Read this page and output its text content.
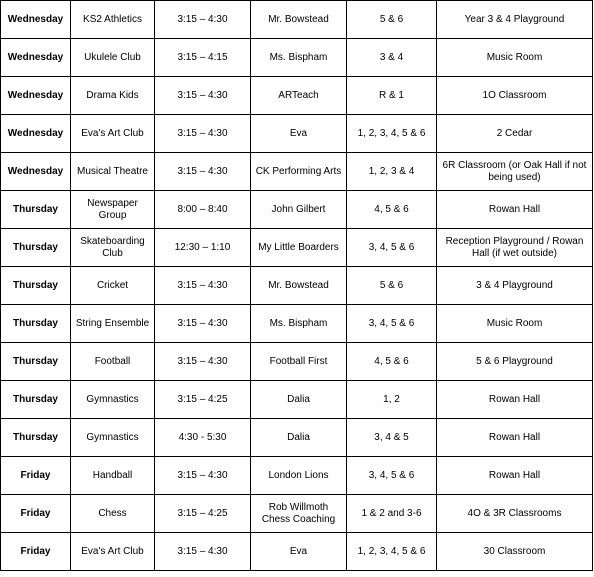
Wednesday	KS2 Athletics	3:15 – 4:30	Mr. Bowstead	5 & 6	Year 3 & 4 Playground
Wednesday	Ukulele Club	3:15 – 4:15	Ms. Bispham	3 & 4	Music Room
Wednesday	Drama Kids	3:15 – 4:30	ARTeach	R & 1	1O Classroom
Wednesday	Eva's Art Club	3:15 – 4:30	Eva	1, 2, 3, 4, 5 & 6	2 Cedar
Wednesday	Musical Theatre	3:15 – 4:30	CK Performing Arts	1, 2, 3 & 4	6R Classroom (or Oak Hall if not being used)
Thursday	Newspaper Group	8:00 – 8:40	John Gilbert	4, 5 & 6	Rowan Hall
Thursday	Skateboarding Club	12:30 – 1:10	My Little Boarders	3, 4, 5 & 6	Reception Playground / Rowan Hall (if wet outside)
Thursday	Cricket	3:15 – 4:30	Mr. Bowstead	5 & 6	3 & 4 Playground
Thursday	String Ensemble	3:15 – 4:30	Ms. Bispham	3, 4, 5 & 6	Music Room
Thursday	Football	3:15 – 4:30	Football First	4, 5 & 6	5 & 6 Playground
Thursday	Gymnastics	3:15 – 4:25	Dalia	1, 2	Rowan Hall
Thursday	Gymnastics	4:30 - 5:30	Dalia	3, 4 & 5	Rowan Hall
Friday	Handball	3:15 – 4:30	London Lions	3, 4, 5 & 6	Rowan Hall
Friday	Chess	3:15 – 4:25	Rob Willmoth Chess Coaching	1 & 2 and 3-6	4O & 3R Classrooms
Friday	Eva's Art Club	3:15 – 4:30	Eva	1, 2, 3, 4, 5 & 6	30 Classroom
